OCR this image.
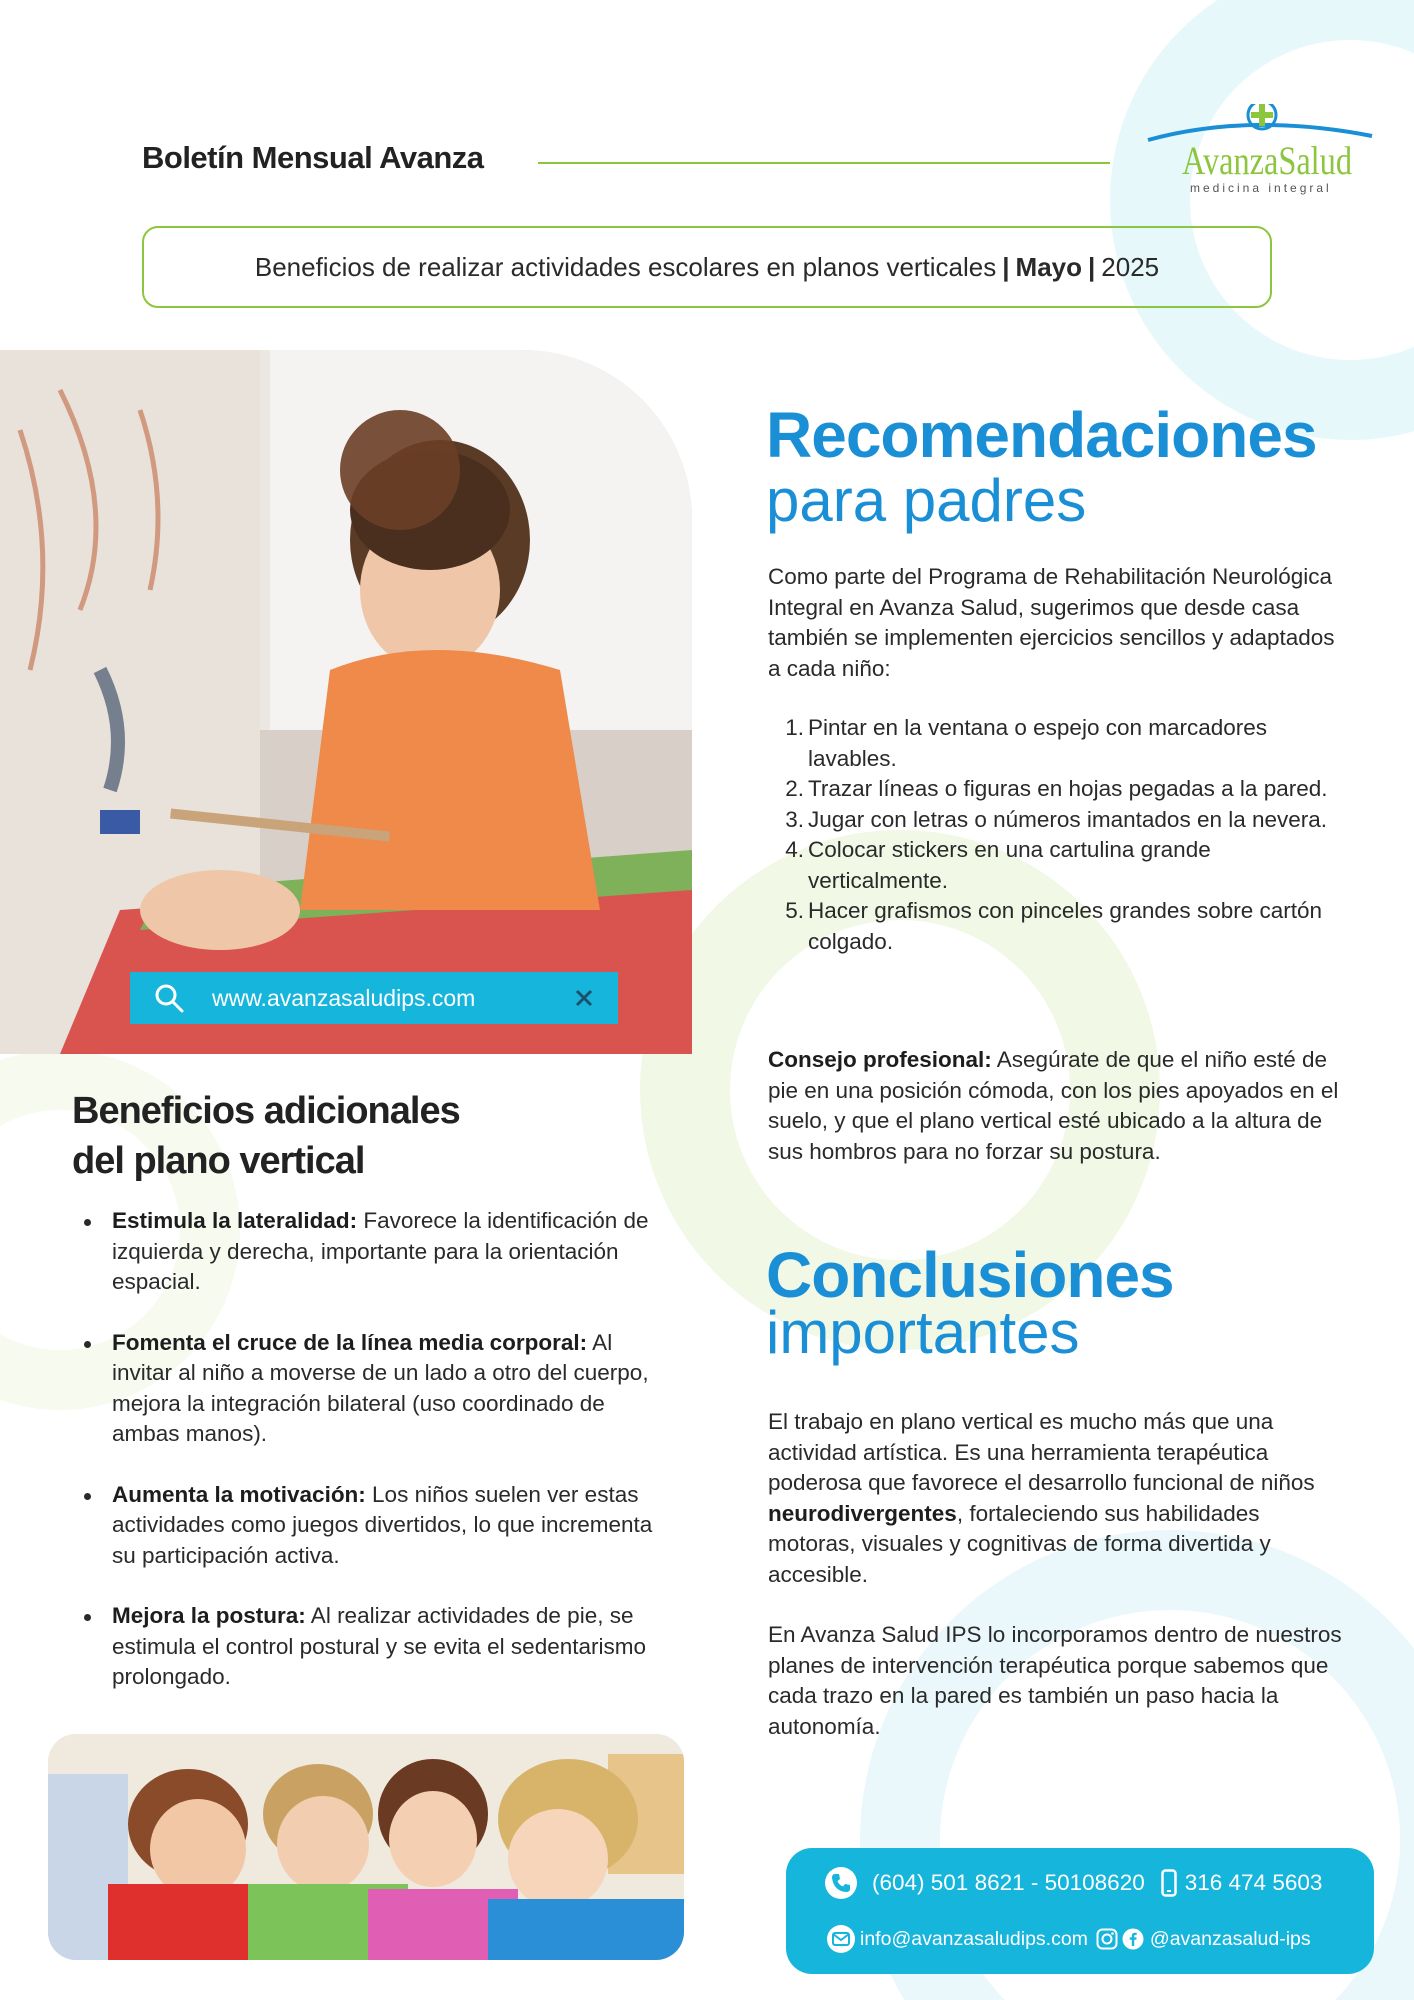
Boletín Mensual Avanza	AvanzaSalud
medicina integral
Beneficios de realizar actividades escolares en planos verticales | Mayo | 2025
www.avanzasaludips.com
Beneficios adicionales
del plano vertical
Estimula la lateralidad: Favorece la identificación de izquierda y derecha, importante para la orientación espacial.
Fomenta el cruce de la línea media corporal: Al invitar al niño a moverse de un lado a otro del cuerpo, mejora la integración bilateral (uso coordinado de ambas manos).
Aumenta la motivación: Los niños suelen ver estas actividades como juegos divertidos, lo que incrementa su participación activa.
Mejora la postura: Al realizar actividades de pie, se estimula el control postural y se evita el sedentarismo prolongado.
Recomendaciones
para padres

Como parte del Programa de Rehabilitación Neurológica Integral en Avanza Salud, sugerimos que desde casa también se implementen ejercicios sencillos y adaptados a cada niño:

1. Pintar en la ventana o espejo con marcadores lavables.
2. Trazar líneas o figuras en hojas pegadas a la pared.
3. Jugar con letras o números imantados en la nevera.
4. Colocar stickers en una cartulina grande verticalmente.
5. Hacer grafismos con pinceles grandes sobre cartón colgado.

Consejo profesional: Asegúrate de que el niño esté de pie en una posición cómoda, con los pies apoyados en el suelo, y que el plano vertical esté ubicado a la altura de sus hombros para no forzar su postura.

Conclusiones
importantes

El trabajo en plano vertical es mucho más que una actividad artística. Es una herramienta terapéutica poderosa que favorece el desarrollo funcional de niños neurodivergentes, fortaleciendo sus habilidades motoras, visuales y cognitivas de forma divertida y accesible.

En Avanza Salud IPS lo incorporamos dentro de nuestros planes de intervención terapéutica porque sabemos que cada trazo en la pared es también un paso hacia la autonomía.

(604) 501 8621 - 50108620 316 474 5603
info@avanzasaludips.com	@avanzasalud-ips
